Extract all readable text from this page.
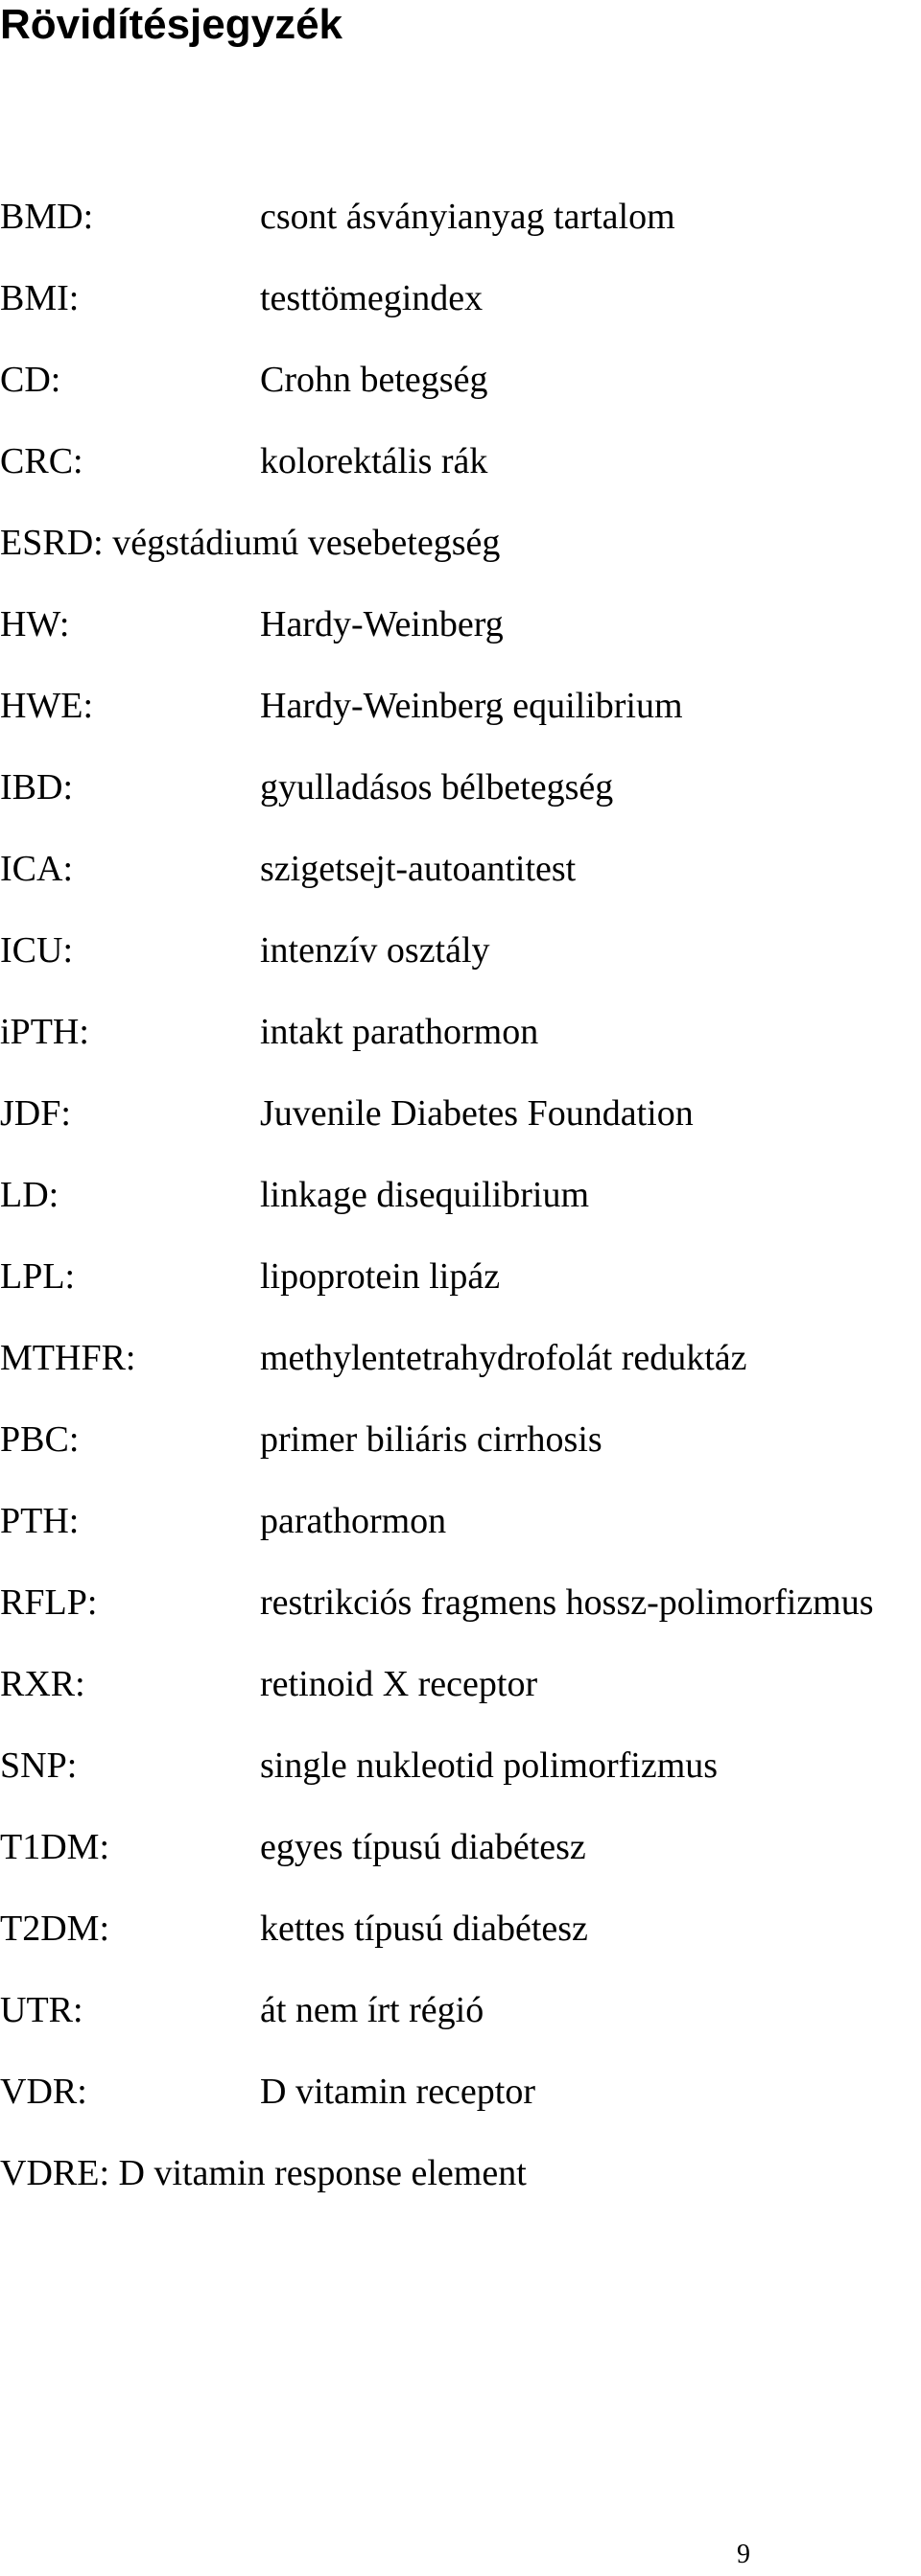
Rövidítésjegyzék
BMD:	csont ásványianyag tartalom
BMI:	testtömegindex
CD:	Crohn betegség
CRC:	kolorektális rák
ESRD: végstádiumú vesebetegség
HW:	Hardy-Weinberg
HWE:	Hardy-Weinberg equilibrium
IBD:	gyulladásos bélbetegség
ICA:	szigetsejt-autoantitest
ICU:	intenzív osztály
iPTH:	intakt parathormon
JDF:	Juvenile Diabetes Foundation
LD:	linkage disequilibrium
LPL:	lipoprotein lipáz
MTHFR:	methylentetrahydrofolát reduktáz
PBC:	primer biliáris cirrhosis
PTH:	parathormon
RFLP:	restrikciós fragmens hossz-polimorfizmus
RXR:	retinoid X receptor
SNP:	single nukleotid polimorfizmus
T1DM:	egyes típusú diabétesz
T2DM:	kettes típusú diabétesz
UTR:	át nem írt régió
VDR:	D vitamin receptor
VDRE: D vitamin response element
9
